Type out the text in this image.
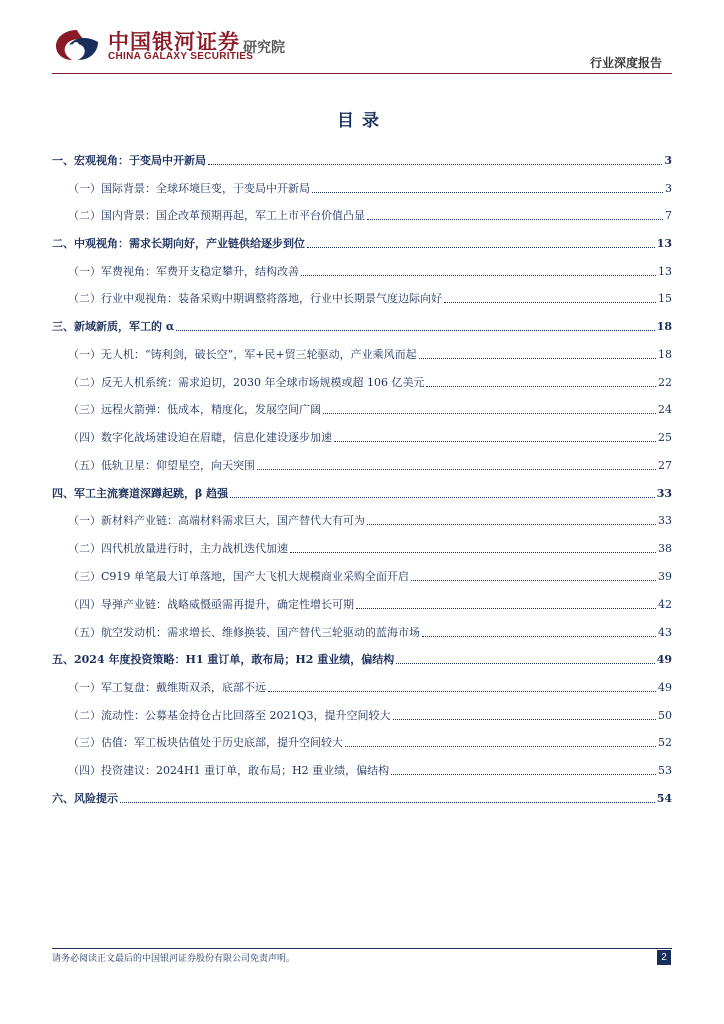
中国银河证券
CHINA GALAXY SECURITIES
研究院
行业深度报告
目录
一、宏观视角：于变局中开新局	3
（一）国际背景：全球环境巨变，于变局中开新局	3
（二）国内背景：国企改革预期再起，军工上市平台价值凸显	7
二、中观视角：需求长期向好，产业链供给逐步到位	13
（一）军费视角：军费开支稳定攀升，结构改善	13
（二）行业中观视角：装备采购中期调整将落地，行业中长期景气度边际向好	15
三、新域新质，军工的 α	18
（一）无人机：“铸利剑，破长空”，军+民+贸三轮驱动，产业乘风而起	18
（二）反无人机系统：需求迫切，2030 年全球市场规模或超 106 亿美元	22
（三）远程火箭弹：低成本，精度化，发展空间广阔	24
（四）数字化战场建设迫在眉睫，信息化建设逐步加速	25
（五）低轨卫星：仰望星空，向天突围	27
四、军工主流赛道深蹲起跳，β 趋强	33
（一）新材料产业链：高端材料需求巨大，国产替代大有可为	33
（二）四代机放量进行时，主力战机迭代加速	38
（三）C919 单笔最大订单落地，国产大飞机大规模商业采购全面开启	39
（四）导弹产业链：战略威慑亟需再提升，确定性增长可期	42
（五）航空发动机：需求增长、维修换装、国产替代三轮驱动的蓝海市场	43
五、2024 年度投资策略：H1 重订单，敢布局；H2 重业绩，偏结构	49
（一）军工复盘：戴维斯双杀，底部不远	49
（二）流动性：公募基金持仓占比回落至 2021Q3，提升空间较大	50
（三）估值：军工板块估值处于历史底部，提升空间较大	52
（四）投资建议：2024H1 重订单，敢布局；H2 重业绩，偏结构	53
六、风险提示	54
请务必阅读正文最后的中国银河证券股份有限公司免责声明。	2
